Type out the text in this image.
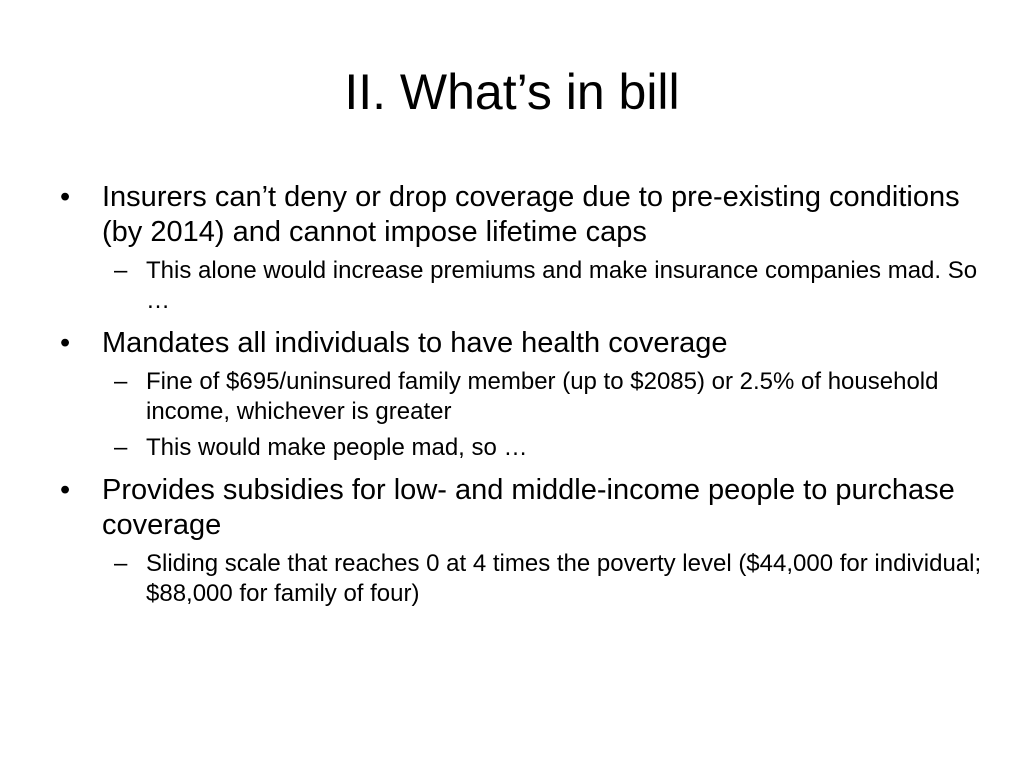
II. What’s in bill
• Insurers can’t deny or drop coverage due to pre-existing conditions (by 2014) and cannot impose lifetime caps
– This alone would increase premiums and make insurance companies mad. So …
• Mandates all individuals to have health coverage
– Fine of $695/uninsured family member (up to $2085) or 2.5% of household income, whichever is greater
– This would make people mad, so …
• Provides subsidies for low- and middle-income people to purchase coverage
– Sliding scale that reaches 0 at 4 times the poverty level ($44,000 for individual; $88,000 for family of four)
